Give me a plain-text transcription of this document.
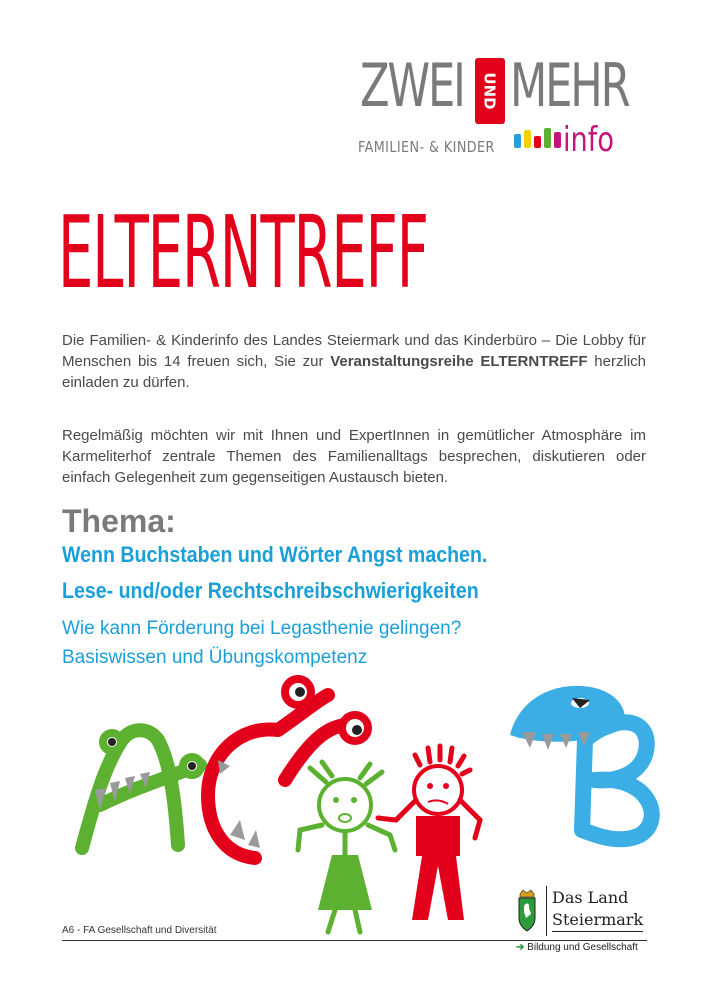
ZWEI UND MEHR
FAMILIEN- & KINDER info
ELTERNTREFF

Die Familien- & Kinderinfo des Landes Steiermark und das Kinderbüro – Die Lobby für Menschen bis 14 freuen sich, Sie zur Veranstaltungsreihe ELTERNTREFF herzlich einladen zu dürfen.

Regelmäßig möchten wir mit Ihnen und ExpertInnen in gemütlicher Atmosphäre im Karmeliterhof zentrale Themen des Familienalltags besprechen, diskutieren oder einfach Gelegenheit zum gegenseitigen Austausch bieten.

Thema:
Wenn Buchstaben und Wörter Angst machen.
Lese- und/oder Rechtschreibschwierigkeiten
Wie kann Förderung bei Legasthenie gelingen?
Basiswissen und Übungskompetenz
A6 - FA Gesellschaft und Diversität
Das Land
Steiermark
➔ Bildung und Gesellschaft
